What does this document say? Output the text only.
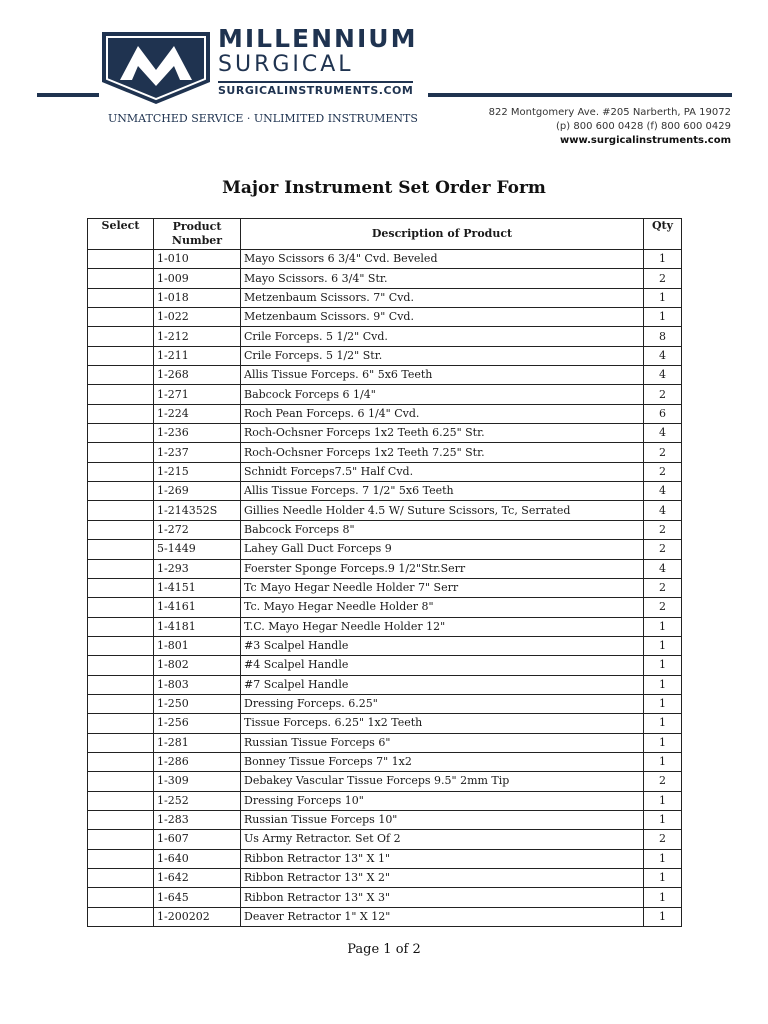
MILLENNIUM
SURGICAL
SURGICALINSTRUMENTS.COM
UNMATCHED SERVICE · UNLIMITED INSTRUMENTS	822 Montgomery Ave. #205 Narberth, PA 19072
(p) 800 600 0428 (f) 800 600 0429
www.surgicalinstruments.com
Major Instrument Set Order Form
Select	Product Number	Description of Product	Qty
	1-010	Mayo Scissors 6 3/4" Cvd. Beveled	1
	1-009	Mayo Scissors. 6 3/4" Str.	2
	1-018	Metzenbaum Scissors. 7" Cvd.	1
	1-022	Metzenbaum Scissors. 9" Cvd.	1
	1-212	Crile Forceps. 5 1/2" Cvd.	8
	1-211	Crile Forceps. 5 1/2" Str.	4
	1-268	Allis Tissue Forceps. 6" 5x6 Teeth	4
	1-271	Babcock Forceps 6 1/4"	2
	1-224	Roch Pean Forceps. 6 1/4" Cvd.	6
	1-236	Roch-Ochsner Forceps 1x2 Teeth 6.25" Str.	4
	1-237	Roch-Ochsner Forceps 1x2 Teeth 7.25" Str.	2
	1-215	Schnidt Forceps7.5" Half Cvd.	2
	1-269	Allis Tissue Forceps. 7 1/2" 5x6 Teeth	4
	1-214352S	Gillies Needle Holder 4.5 W/ Suture Scissors, Tc, Serrated	4
	1-272	Babcock Forceps 8"	2
	5-1449	Lahey Gall Duct Forceps 9	2
	1-293	Foerster Sponge Forceps.9 1/2"Str.Serr	4
	1-4151	Tc Mayo Hegar Needle Holder 7" Serr	2
	1-4161	Tc. Mayo Hegar Needle Holder 8"	2
	1-4181	T.C. Mayo Hegar Needle Holder 12"	1
	1-801	#3 Scalpel Handle	1
	1-802	#4 Scalpel Handle	1
	1-803	#7 Scalpel Handle	1
	1-250	Dressing Forceps. 6.25"	1
	1-256	Tissue Forceps. 6.25" 1x2 Teeth	1
	1-281	Russian Tissue Forceps 6"	1
	1-286	Bonney Tissue Forceps 7" 1x2	1
	1-309	Debakey Vascular Tissue Forceps 9.5" 2mm Tip	2
	1-252	Dressing Forceps 10"	1
	1-283	Russian Tissue Forceps 10"	1
	1-607	Us Army Retractor. Set Of 2	2
	1-640	Ribbon Retractor 13" X 1"	1
	1-642	Ribbon Retractor 13" X 2"	1
	1-645	Ribbon Retractor 13" X 3"	1
	1-200202	Deaver Retractor 1" X 12"	1
Page 1 of 2
